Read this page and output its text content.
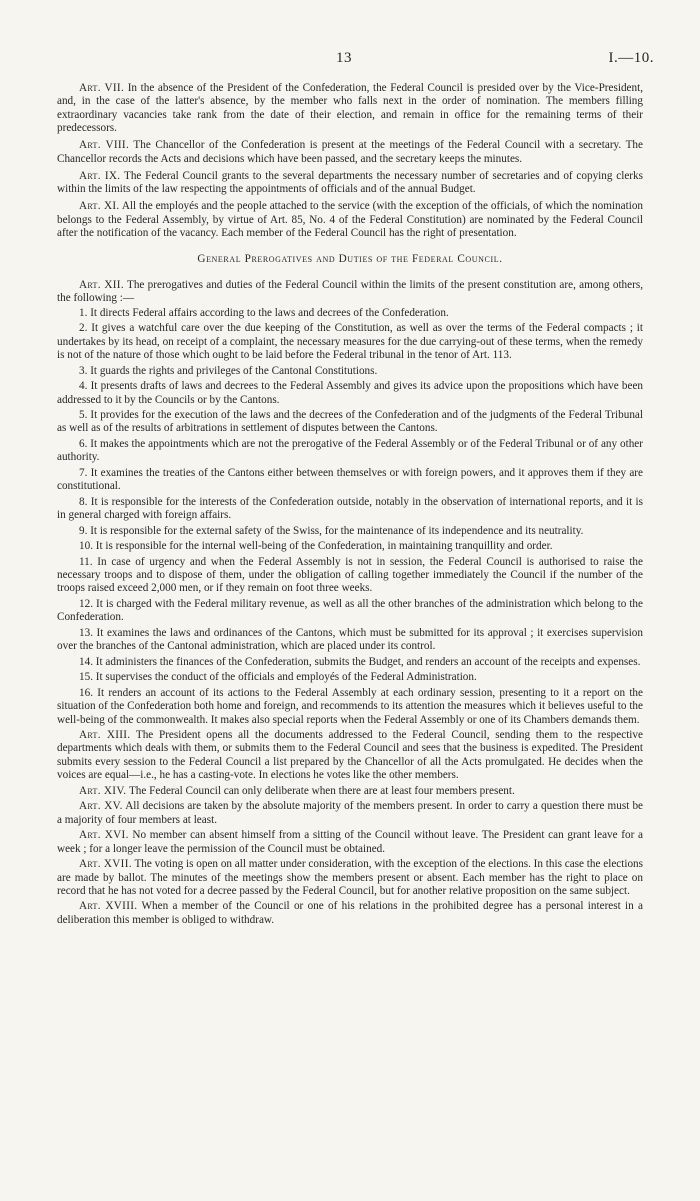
13	I.—10.

Art. VII. In the absence of the President of the Confederation, the Federal Council is presided over by the Vice-President, and, in the case of the latter's absence, by the member who falls next in the order of nomination. The members filling extraordinary vacancies take rank from the date of their election, and remain in office for the remaining terms of their predecessors.

Art. VIII. The Chancellor of the Confederation is present at the meetings of the Federal Council with a secretary. The Chancellor records the Acts and decisions which have been passed, and the secretary keeps the minutes.

Art. IX. The Federal Council grants to the several departments the necessary number of secretaries and of copying clerks within the limits of the law respecting the appointments of officials and of the annual Budget.

Art. XI. All the employés and the people attached to the service (with the exception of the officials, of which the nomination belongs to the Federal Assembly, by virtue of Art. 85, No. 4 of the Federal Constitution) are nominated by the Federal Council after the notification of the vacancy. Each member of the Federal Council has the right of presentation.

General Prerogatives and Duties of the Federal Council.

Art. XII. The prerogatives and duties of the Federal Council within the limits of the present constitution are, among others, the following :—

1. It directs Federal affairs according to the laws and decrees of the Confederation.

2. It gives a watchful care over the due keeping of the Constitution, as well as over the terms of the Federal compacts ; it undertakes by its head, on receipt of a complaint, the necessary measures for the due carrying-out of these terms, when the remedy is not of the nature of those which ought to be laid before the Federal tribunal in the tenor of Art. 113.

3. It guards the rights and privileges of the Cantonal Constitutions.

4. It presents drafts of laws and decrees to the Federal Assembly and gives its advice upon the propositions which have been addressed to it by the Councils or by the Cantons.

5. It provides for the execution of the laws and the decrees of the Confederation and of the judgments of the Federal Tribunal as well as of the results of arbitrations in settlement of disputes between the Cantons.

6. It makes the appointments which are not the prerogative of the Federal Assembly or of the Federal Tribunal or of any other authority.

7. It examines the treaties of the Cantons either between themselves or with foreign powers, and it approves them if they are constitutional.

8. It is responsible for the interests of the Confederation outside, notably in the observation of international reports, and it is in general charged with foreign affairs.

9. It is responsible for the external safety of the Swiss, for the maintenance of its independence and its neutrality.

10. It is responsible for the internal well-being of the Confederation, in maintaining tranquillity and order.

11. In case of urgency and when the Federal Assembly is not in session, the Federal Council is authorised to raise the necessary troops and to dispose of them, under the obligation of calling together immediately the Council if the number of the troops raised exceed 2,000 men, or if they remain on foot three weeks.

12. It is charged with the Federal military revenue, as well as all the other branches of the administration which belong to the Confederation.

13. It examines the laws and ordinances of the Cantons, which must be submitted for its approval ; it exercises supervision over the branches of the Cantonal administration, which are placed under its control.

14. It administers the finances of the Confederation, submits the Budget, and renders an account of the receipts and expenses.

15. It supervises the conduct of the officials and employés of the Federal Administration.

16. It renders an account of its actions to the Federal Assembly at each ordinary session, presenting to it a report on the situation of the Confederation both home and foreign, and recommends to its attention the measures which it believes useful to the well-being of the commonwealth. It makes also special reports when the Federal Assembly or one of its Chambers demands them.

Art. XIII. The President opens all the documents addressed to the Federal Council, sending them to the respective departments which deals with them, or submits them to the Federal Council and sees that the business is expedited. The President submits every session to the Federal Council a list prepared by the Chancellor of all the Acts promulgated. He decides when the voices are equal—i.e., he has a casting-vote. In elections he votes like the other members.

Art. XIV. The Federal Council can only deliberate when there are at least four members present.

Art. XV. All decisions are taken by the absolute majority of the members present. In order to carry a question there must be a majority of four members at least.

Art. XVI. No member can absent himself from a sitting of the Council without leave. The President can grant leave for a week ; for a longer leave the permission of the Council must be obtained.

Art. XVII. The voting is open on all matter under consideration, with the exception of the elections. In this case the elections are made by ballot. The minutes of the meetings show the members present or absent. Each member has the right to place on record that he has not voted for a decree passed by the Federal Council, but for another relative proposition on the same subject.

Art. XVIII. When a member of the Council or one of his relations in the prohibited degree has a personal interest in a deliberation this member is obliged to withdraw.
